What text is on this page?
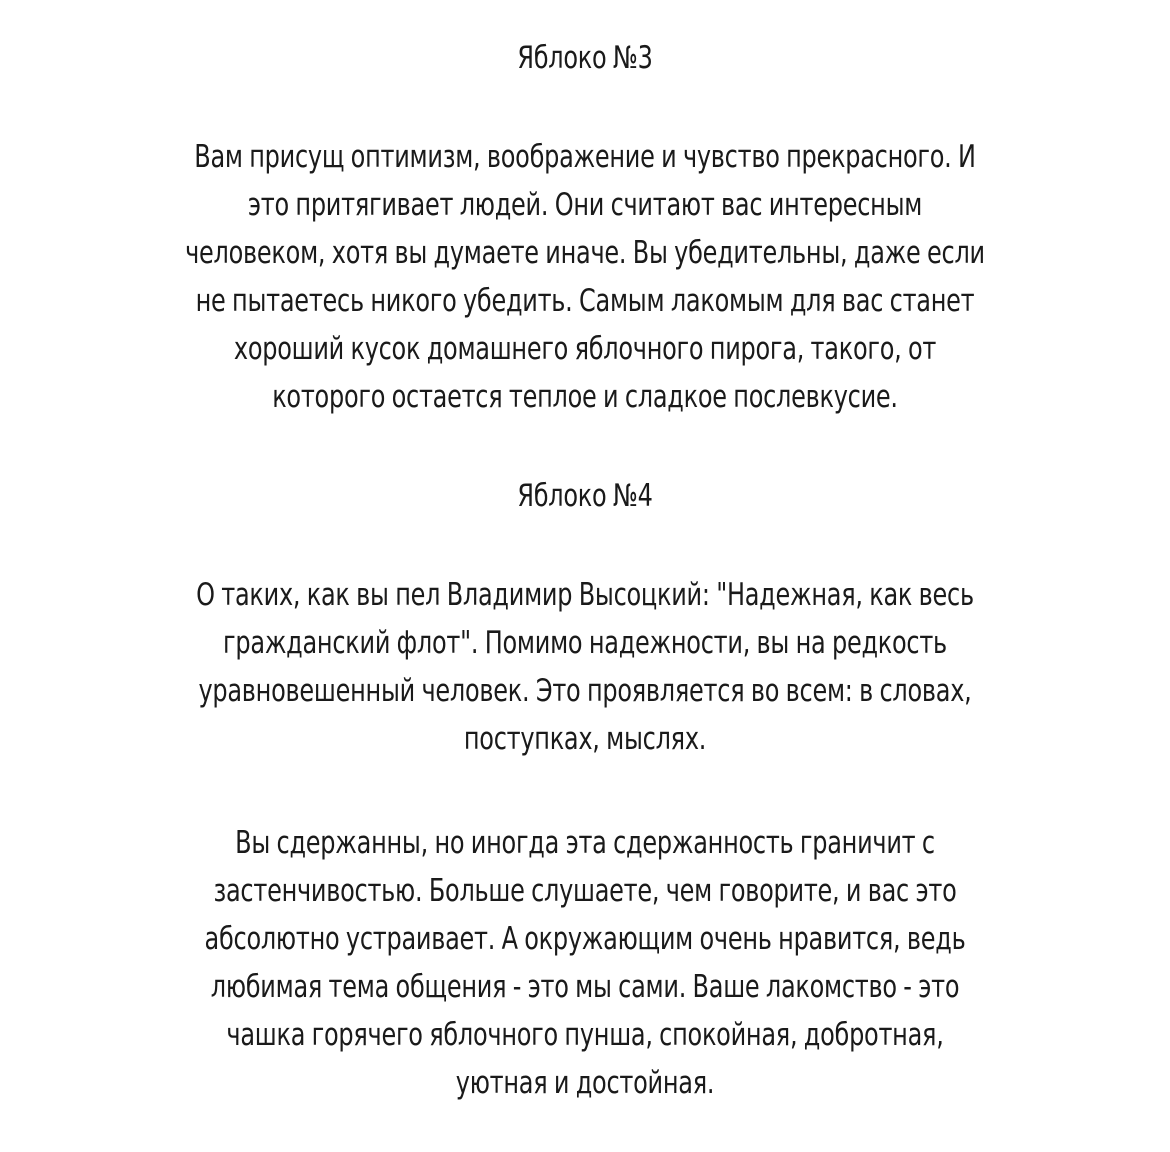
Яблоко №3
Вам присущ оптимизм, воображение и чувство прекрасного. И
это притягивает людей. Они считают вас интересным
человеком, хотя вы думаете иначе. Вы убедительны, даже если
не пытаетесь никого убедить. Самым лакомым для вас станет
хороший кусок домашнего яблочного пирога, такого, от
которого остается теплое и сладкое послевкусие.
Яблоко №4
О таких, как вы пел Владимир Высоцкий: "Надежная, как весь
гражданский флот". Помимо надежности, вы на редкость
уравновешенный человек. Это проявляется во всем: в словах,
поступках, мыслях.
Вы сдержанны, но иногда эта сдержанность граничит с
застенчивостью. Больше слушаете, чем говорите, и вас это
абсолютно устраивает. А окружающим очень нравится, ведь
любимая тема общения - это мы сами. Ваше лакомство - это
чашка горячего яблочного пунша, спокойная, добротная,
уютная и достойная.
